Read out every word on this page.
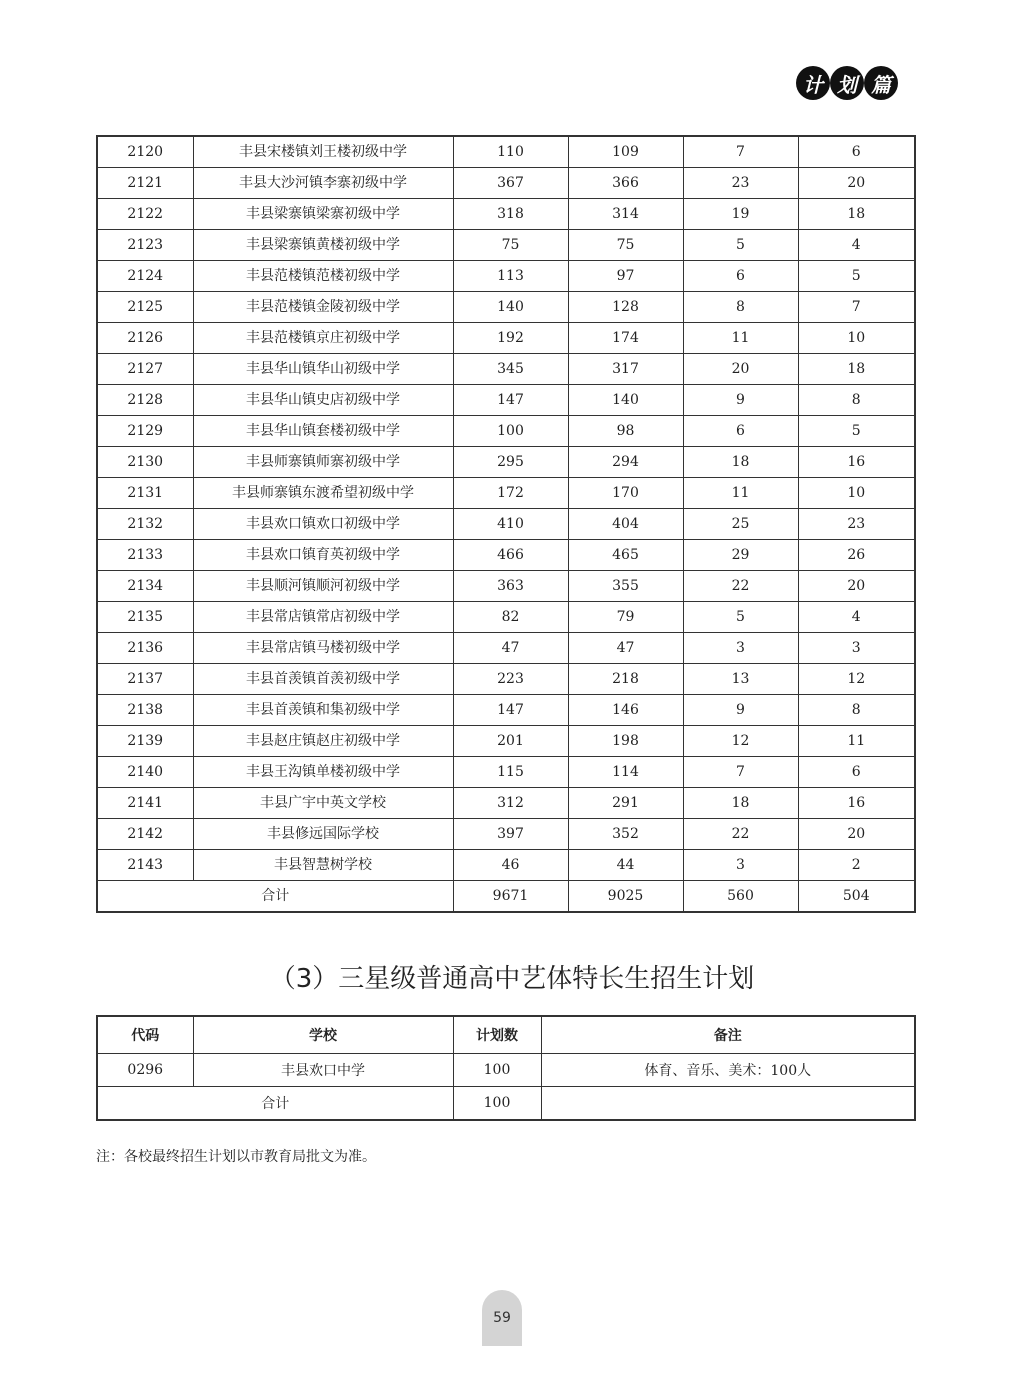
计 划 篇
2120	丰县宋楼镇刘王楼初级中学	110	109	7	6
2121	丰县大沙河镇李寨初级中学	367	366	23	20
2122	丰县梁寨镇梁寨初级中学	318	314	19	18
2123	丰县梁寨镇黄楼初级中学	75	75	5	4
2124	丰县范楼镇范楼初级中学	113	97	6	5
2125	丰县范楼镇金陵初级中学	140	128	8	7
2126	丰县范楼镇京庄初级中学	192	174	11	10
2127	丰县华山镇华山初级中学	345	317	20	18
2128	丰县华山镇史店初级中学	147	140	9	8
2129	丰县华山镇套楼初级中学	100	98	6	5
2130	丰县师寨镇师寨初级中学	295	294	18	16
2131	丰县师寨镇东渡希望初级中学	172	170	11	10
2132	丰县欢口镇欢口初级中学	410	404	25	23
2133	丰县欢口镇育英初级中学	466	465	29	26
2134	丰县顺河镇顺河初级中学	363	355	22	20
2135	丰县常店镇常店初级中学	82	79	5	4
2136	丰县常店镇马楼初级中学	47	47	3	3
2137	丰县首羡镇首羡初级中学	223	218	13	12
2138	丰县首羡镇和集初级中学	147	146	9	8
2139	丰县赵庄镇赵庄初级中学	201	198	12	11
2140	丰县王沟镇单楼初级中学	115	114	7	6
2141	丰县广宇中英文学校	312	291	18	16
2142	丰县修远国际学校	397	352	22	20
2143	丰县智慧树学校	46	44	3	2
合计		9671	9025	560	504
（3）三星级普通高中艺体特长生招生计划
代码	学校	计划数	备注
0296	丰县欢口中学	100	体育、音乐、美术：100人
合计		100	
注：各校最终招生计划以市教育局批文为准。
59
